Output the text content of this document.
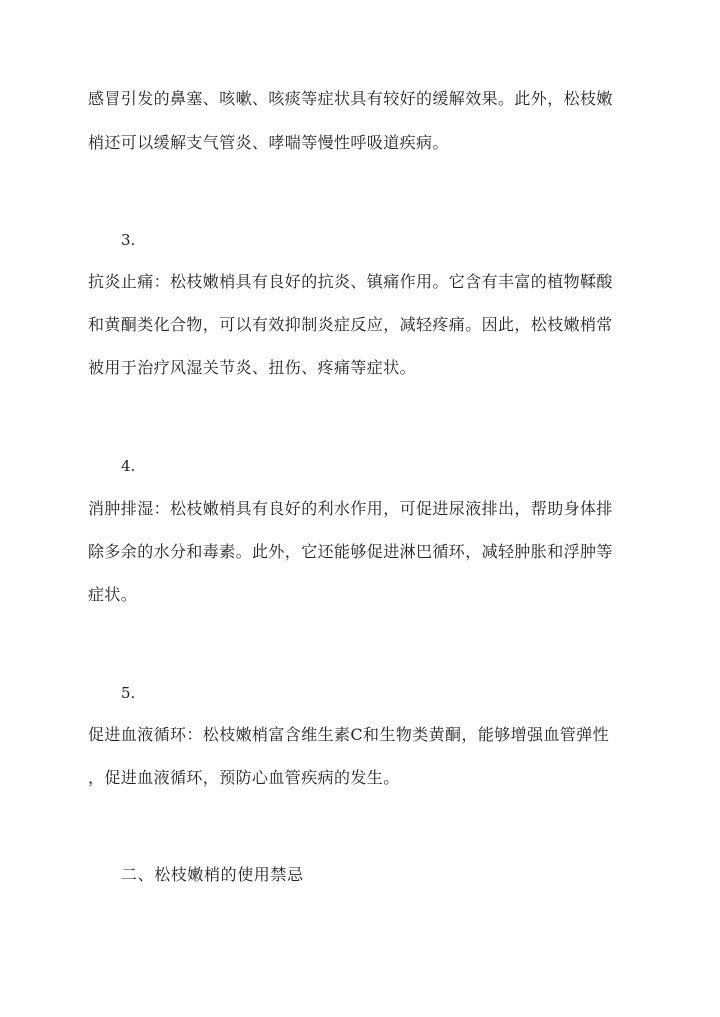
感冒引发的鼻塞、咳嗽、咳痰等症状具有较好的缓解效果。此外，松枝嫩
梢还可以缓解支气管炎、哮喘等慢性呼吸道疾病。
3.
抗炎止痛：松枝嫩梢具有良好的抗炎、镇痛作用。它含有丰富的植物鞣酸
和黄酮类化合物，可以有效抑制炎症反应，减轻疼痛。因此，松枝嫩梢常
被用于治疗风湿关节炎、扭伤、疼痛等症状。
4.
消肿排湿：松枝嫩梢具有良好的利水作用，可促进尿液排出，帮助身体排
除多余的水分和毒素。此外，它还能够促进淋巴循环，减轻肿胀和浮肿等
症状。
5.
促进血液循环：松枝嫩梢富含维生素C和生物类黄酮，能够增强血管弹性
，促进血液循环，预防心血管疾病的发生。
二、松枝嫩梢的使用禁忌
